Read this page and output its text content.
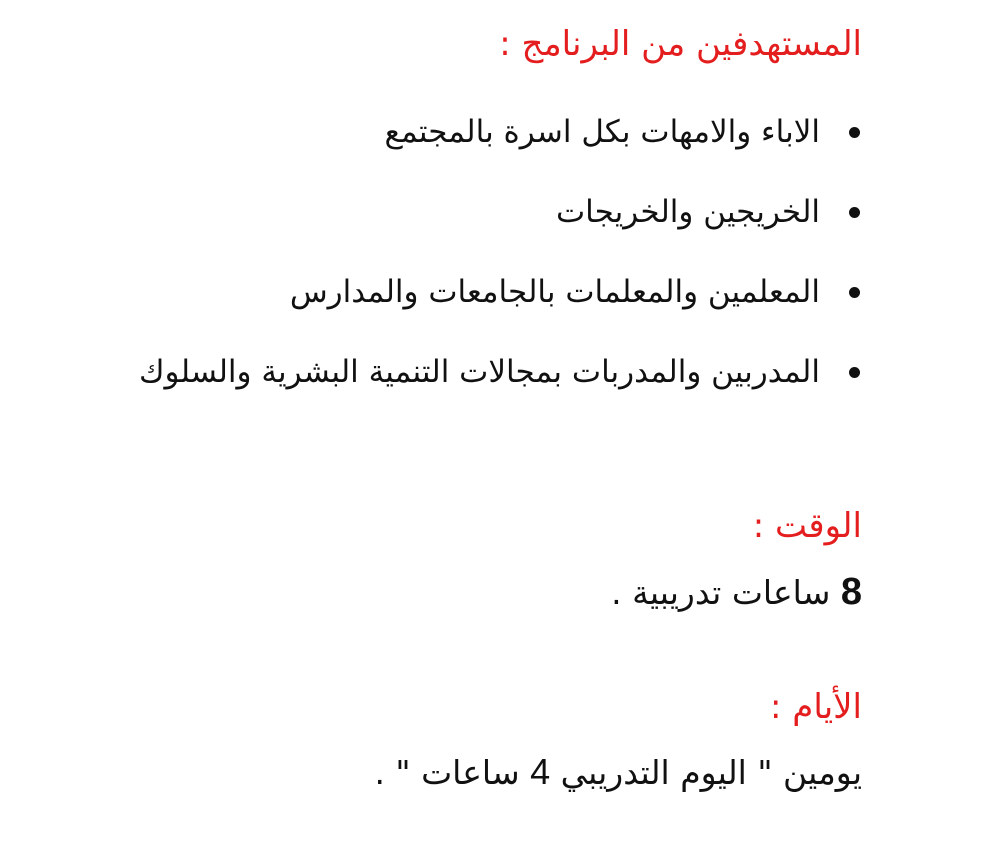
المستهدفين من البرنامج :
الاباء والامهات بكل اسرة بالمجتمع
الخريجين والخريجات
المعلمين والمعلمات بالجامعات والمدارس
المدربين والمدربات بمجالات التنمية البشرية والسلوك
الوقت :

8 ساعات تدريبية .

الأيام :

يومين " اليوم التدريبي 4 ساعات " .
